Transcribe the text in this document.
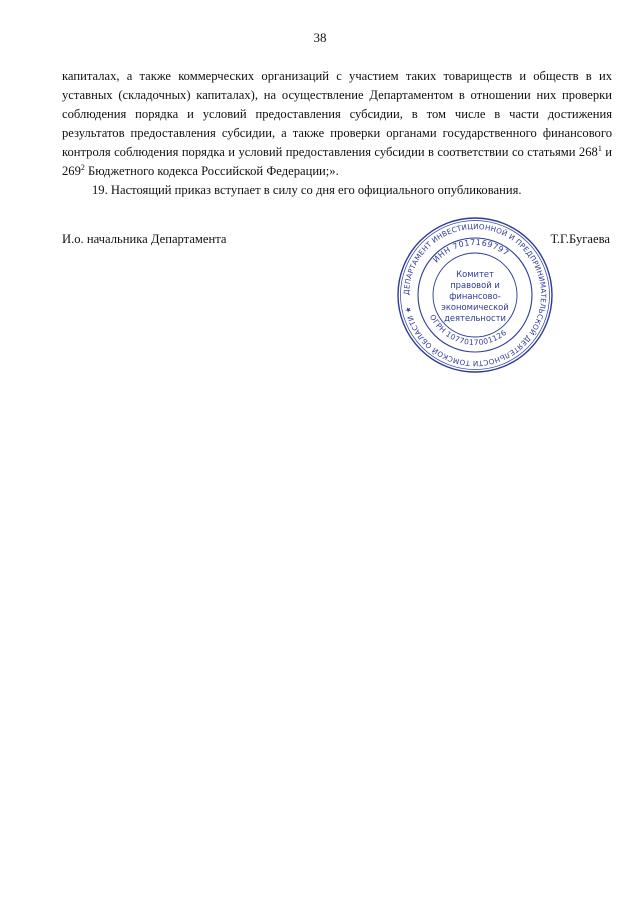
38

капиталах, а также коммерческих организаций с участием таких товариществ и обществ в их уставных (складочных) капиталах), на осуществление Департаментом в отношении них проверки соблюдения порядка и условий предоставления субсидии, в том числе в части достижения результатов предоставления субсидии, а также проверки органами государственного финансового контроля соблюдения порядка и условий предоставления субсидии в соответствии со статьями $268^1$ и $269^2$ Бюджетного кодекса Российской Федерации;».

19. Настоящий приказ вступает в силу со дня его официального опубликования.

И.о. начальника Департамента	Т.Г.Бугаева
ДЕПАРТАМЕНТ ИНВЕСТИЦИОННОЙ И ПРЕДПРИНИМАТЕЛЬСКОЙ ДЕЯТЕЛЬНОСТИ ТОМСКОЙ ОБЛАСТИ ★
ИНН 7017169797
ОГРН 1077017001126
Комитет
правовой и
финансово-
экономической
деятельности
